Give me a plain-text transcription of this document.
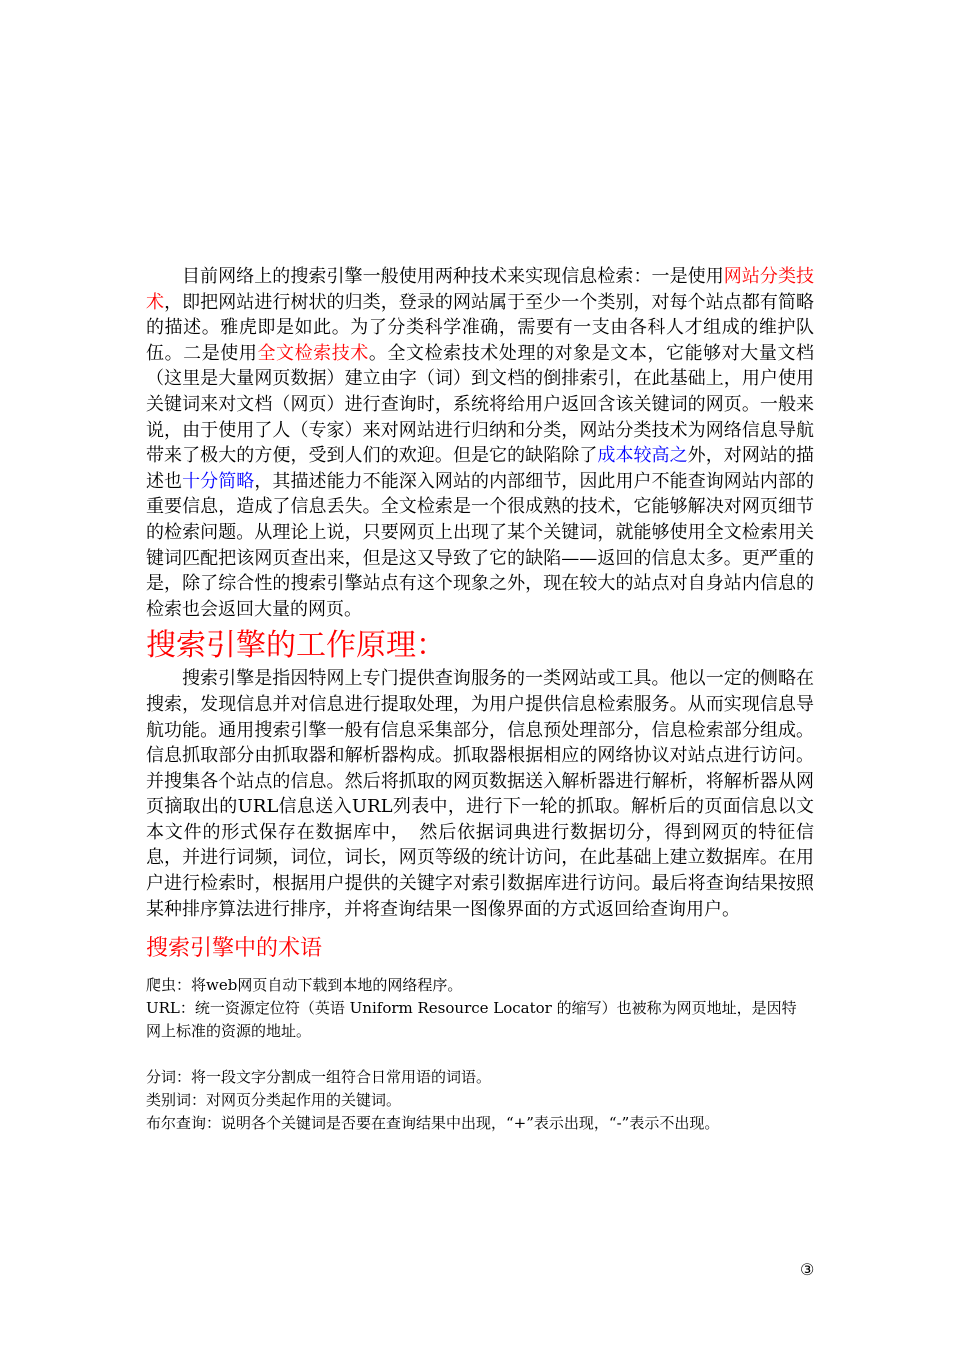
目前网络上的搜索引擎一般使用两种技术来实现信息检索：一是使用网站分类技术，即把网站进行树状的归类，登录的网站属于至少一个类别，对每个站点都有简略的描述。雅虎即是如此。为了分类科学准确，需要有一支由各科人才组成的维护队伍。二是使用全文检索技术。全文检索技术处理的对象是文本，它能够对大量文档（这里是大量网页数据）建立由字（词）到文档的倒排索引，在此基础上，用户使用关键词来对文档（网页）进行查询时，系统将给用户返回含该关键词的网页。一般来说，由于使用了人（专家）来对网站进行归纳和分类，网站分类技术为网络信息导航带来了极大的方便，受到人们的欢迎。但是它的缺陷除了成本较高之外，对网站的描述也十分简略，其描述能力不能深入网站的内部细节，因此用户不能查询网站内部的重要信息，造成了信息丢失。全文检索是一个很成熟的技术，它能够解决对网页细节的检索问题。从理论上说，只要网页上出现了某个关键词，就能够使用全文检索用关键词匹配把该网页查出来，但是这又导致了它的缺陷——返回的信息太多。更严重的是，除了综合性的搜索引擎站点有这个现象之外，现在较大的站点对自身站内信息的检索也会返回大量的网页。

搜索引擎的工作原理：

搜索引擎是指因特网上专门提供查询服务的一类网站或工具。他以一定的侧略在搜索，发现信息并对信息进行提取处理，为用户提供信息检索服务。从而实现信息导航功能。通用搜索引擎一般有信息采集部分，信息预处理部分，信息检索部分组成。信息抓取部分由抓取器和解析器构成。抓取器根据相应的网络协议对站点进行访问。并搜集各个站点的信息。然后将抓取的网页数据送入解析器进行解析，将解析器从网页摘取出的URL信息送入URL列表中，进行下一轮的抓取。解析后的页面信息以文本文件的形式保存在数据库中，　然后依据词典进行数据切分，得到网页的特征信息，并进行词频，词位，词长，网页等级的统计访问，在此基础上建立数据库。在用户进行检索时，根据用户提供的关键字对索引数据库进行访问。最后将查询结果按照某种排序算法进行排序，并将查询结果一图像界面的方式返回给查询用户。

搜索引擎中的术语

爬虫：将web网页自动下载到本地的网络程序。

URL：统一资源定位符（英语 Uniform Resource Locator 的缩写）也被称为网页地址，是因特

网上标准的资源的地址。

分词：将一段文字分割成一组符合日常用语的词语。

类别词：对网页分类起作用的关键词。

布尔查询：说明各个关键词是否要在查询结果中出现，“+”表示出现，“-”表示不出现。

③
